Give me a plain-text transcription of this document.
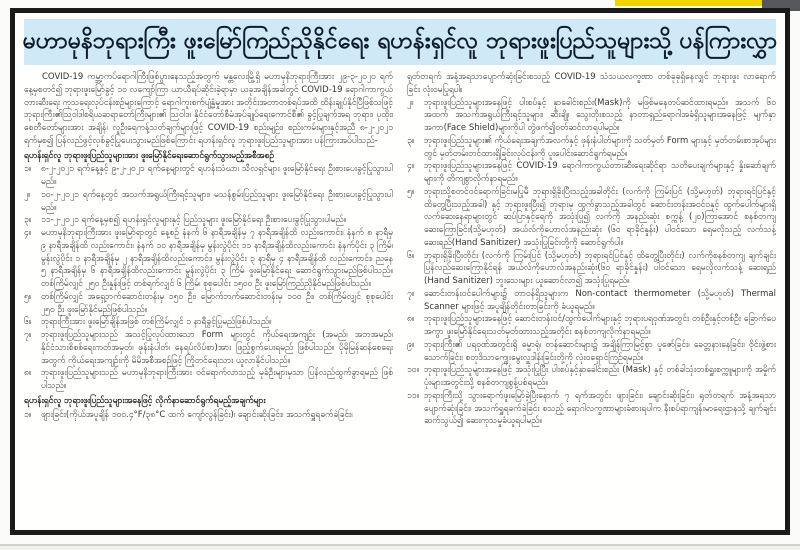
မဟာမုနိဘုရားကြီး ဖူးမြော်ကြည်ညိုနိုင်ရေး ရဟန်းရှင်လူ ဘုရားဖူးပြည်သူများသို့ ပန်ကြားလွှာ

COVID-19 ကမ္ဘာ့ကပ်ရောဂါကြီးဖြစ်ပွားနေသည့်အတွက် မန္တလေးမြို့ရှိ မဟာမုနိဘုရားကြီးအား ၂၉-၃-၂၀၂၀ ရက်နေ့မှစတင်၍ ဘုရားဖူးမြော်ခွင့် ၁၀ လကျော်ကြာ ယာယီရပ်ဆိုင်းခဲ့ရာမှာ ယခုအချိန်အခါတွင် COVID-19 ရောဂါကာကွယ်တားဆီးရေး ကုသရေးလုပ်ငန်းစဉ်များကြောင့် ရောဂါကူးစက်ပျံ့နှံ့မှုအား အတိုင်းအတာတစ်ရပ်အထိ ထိန်းချုပ်နိုင်ပြီဖြစ်သဖြင့် ဘုရားကြီး၏ဩဝါဒါစရိယဆရာတော်ကြီးများ၏ ဩဝါဒ၊ နိုင်ငံတော်စီမံအုပ်ချုပ်ရေးကောင်စီ၏ ခွင့်ပြုချက်အရ ဘုရား၊ ပုထိုး၊ စေတီတော်များအား အချိန်၊ လူဦးရေကန့်သတ်ချက်များဖြင့် COVID-19 စည်းမျဉ်း၊ စည်းကမ်းများနှင့်အညီ ၈-၂-၂၀၂၁ ရက်မှစ၍ ပြန်လည်ဖွင့်လှစ်ခွင့်ပြုပေးသွားမည်ဖြစ်ကြောင်း ရဟန်းရှင်လူ ဘုရားဖူးပြည်သူများအား ပန်ကြားအပ်ပါသည်-

ရဟန်းရှင်လူ ဘုရားဖူးပြည်သူများအား ဖူးမြော်နိုင်ရေးဆောင်ရွက်သွားမည့်အစီအစဉ်
၁။	၈-၂-၂၀၂၁ ရက်နေ့နှင့် ၉-၂-၂၀၂၁ ရက်နေ့များတွင် ရဟန်းသံဃာ၊ သီလရှင်များ ဖူးမြော်နိုင်ရေး ဦးစားပေးခွင့်ပြုသွားပါမည်။
၂။	၁၀-၂-၂၀၂၁ ရက်နေ့တွင် အသက်အရွယ်ကြီးရင့်သူများ၊ မသန်စွမ်းပြည်သူများ ဖူးမြော်နိုင်ရေး ဦးစားပေးခွင့်ပြုသွားပါမည်။
၃။	၁၁-၂-၂၀၂၁ ရက်နေ့မှစ၍ ရဟန်းရှင်လူများနှင့် ပြည်သူများ ဖူးမြော်နိုင်ရေး ဦးစားပေးခွင့်ပြုသွားပါမည်။
၄။	မဟာမုနိဘုရားကြီးအား ဖူးမြော်ရာတွင် နေ့စဉ် နံနက် ၆ နာရီအချိန်မှ ၇ နာရီအချိန်ထိ လည်းကောင်း၊ နံနက် ၈ နာရီမှ ၉ နာရီအချိန်ထိ လည်းကောင်း၊ နံနက် ၁၀ နာရီအချိန်မှ မွန်းလွဲပိုင်း ၁၁ နာရီအချိန်ထိလည်းကောင်း နံနက်ပိုင်း ၃ ကြိမ်၊ မွန်းလွဲပိုင်း ၁ နာရီအချိန်မှ ၂ နာရီအချိန်ထိလည်းကောင်း၊ မွန်းလွဲပိုင်း ၃ နာရီမှ ၄ နာရီအချိန်ထိ လည်းကောင်း၊ ညနေ ၅ နာရီအချိန်မှ ၆ နာရီအချိန်ထိလည်းကောင်း မွန်းလွဲပိုင်း ၃ ကြိမ် ဖူးမြော်နိုင်ရေး ဆောင်ရွက်သွားမည်ဖြစ်ပါသည်။ တစ်ကြိမ်လျှင် ၂၅၀ ဦးနှုန်းဖြင့် တစ်ရက်လျှင် ၆ ကြိမ်၊ စုစုပေါင်း ၁၅၀၀ ဦး ဖူးမြော်ကြည်ညိုနိုင်မည်ဖြစ်ပါသည်။
၅။	တစ်ကြိမ်လျှင် အရှေ့ဘက်ဆောင်းတန်းမှ ၁၅၀ ဦး၊ မြောက်ဘက်ဆောင်းတန်းမှ ၁၀၀ ဦး၊ တစ်ကြိမ်လျှင် စုစုပေါင်း ၂၅၀ ဦး ဖူးမြော်နိုင်မည်ဖြစ်ပါသည်။
၆။	ဘုရားကြီးအား ဖူးမြော်ချိန်အဖြစ် တစ်ကြိမ်လျှင် ၁ နာရီခွင့်ပြုမည်ဖြစ်ပါသည်။
၇။	ဘုရားဖူးပြည်သူများသည် အသင့်ပြုလုပ်ထားသော Form များတွင် ကိုယ်ရေးအကျဉ်း (အမည်၊ အဘအမည်၊ နိုင်ငံသားစိစစ်ရေးကတ်အမှတ်၊ ဖုန်းနံပါတ်၊ နေရပ်လိပ်စာ)အား ဖြည့်စွက်ပေးရမည် ဖြစ်ပါသည်။ ပိုမိုမြန်ဆန်စေရေးအတွက် ကိုယ်ရေးအကျဉ်းကို မိမိအစီအစဉ်ဖြင့် ကြိုတင်ရေးသား ယူလာနိုင်ပါသည်။
၈။	ဘုရားဖူးပြည်သူများသည် မဟာမုနိဘုရားကြီးအား ဝင်ရောက်လာသည့် မုခ်ဦးများမှသာ ပြန်လည်ထွက်ခွာရမည် ဖြစ်ပါသည်။
ရဟန်းရှင်လူ ဘုရားဖူးပြည်သူများအနေဖြင့် လိုက်နာဆောင်ရွက်ရမည့်အချက်များ
၁။	ဖျားခြင်း(ကိုယ်အပူချိန် ၁၀၀.၄°F/၃၈°C ထက် ကျော်လွန်ခြင်း)၊ ချောင်းဆိုးခြင်း၊ အသက်ရှူရခက်ခဲခြင်း၊

ရုတ်တရက် အနံ့အရသာပျောက်ဆုံးခြင်းစသည့် COVID-19 သံသယလက္ခဏာ တစ်ခုခုရှိနေလျှင် ဘုရားဖူး လာရောက်ခြင်း လုံးဝမပြုရပါ။

၂။	ဘုရားဖူးပြည်သူများအနေဖြင့် ပါးစပ်နှင့် နှာခေါင်းစည်း(Mask)ကို မဖြစ်မနေတပ်ဆင်ထားရမည်။ အသက် ၆၀ အထက် အသက်အရွယ်ကြီးရင့်သူများ၊ ဆီးချို၊ သွေးတိုးစသည့် နာတာရှည်ရောဂါအခံရှိသူများအနေဖြင့် မျက်နှာအကာ(Face Shield)များကိုပါ တွဲဖက်၍ဝတ်ဆင်လာရပါမည်။
၃။	ဘုရားဖူးပြည်သူများ၏ ကိုယ်ရေးအချက်အလက်နှင့် ဖုန်းနံပါတ်များကို သတ်မှတ် Form များနှင့် မှတ်တမ်းစာအုပ်များတွင် မှတ်တမ်းတင်ထားရှိခြင်းလုပ်ငန်းကို ပူးပေါင်းဆောင်ရွက်ရမည်။
၄။	ဘုရားဖူးပြည်သူများအနေဖြင့် COVID-19 ရောဂါကာကွယ်တားဆီးရေးဆိုင်ရာ သတိပေးချက်များနှင့် နှိုးဆော်ချက်များကို တိကျစွာလိုက်နာရမည်။
၅။	ဘုရားသို့စတင်ဝင်ရောက်ခြင်းမပြုမီ ဘုရားရှိခိုးပြီးသည့်အခါတိုင်း (လက်ကို ကြမ်းပြင် (သို့မဟုတ်) ဘုရားရင်ပြင်နှင့် ထိတွေ့ပြီးသည့်အခါ) နှင့် ဘုရားဖူးပြီး၍ ဘုရားမှ ထွက်ခွာသည့်အခါတွင် ဆောင်းတန်းအဝင်ဝနှင့် ထွက်ပေါက်များရှိ လက်ဆေးနေရာများတွင် ဆပ်ပြာနှင့်ရေကို အသုံးပြု၍ လက်ကို အနည်းဆုံး စက္ကန့် (၂၀)ကြာအောင် စနစ်တကျဆေးကြောခြင်း(သို့မဟုတ်) အယ်လ်ကိုဟောလ်အနည်းဆုံး (၆၀ ရာခိုင်နှုန်း) ပါဝင်သော ရေမလိုသည့် လက်သန့်ဆေးရည်(Hand Sanitizer) အသုံးပြုခြင်းတို့ကို ဆောင်ရွက်ပါ။
၆။	ဘုရားရှိခိုးပြီးတိုင်း (လက်ကို ကြမ်းပြင် (သို့မဟုတ်) ဘုရားရင်ပြင်နှင့် ထိတွေ့ပြီးတိုင်း) လက်ကိုစနစ်တကျ ချက်ချင်းပြန်လည်ဆေးကြောနိုင်ရန် အယ်လ်ကိုဟောလ်အနည်းဆုံး(၆၀ ရာခိုင်နှုန်း) ပါဝင်သော ရေမလိုလက်သန့် ဆေးရည် (Hand Sanitizer) ဘူးသေးများ ယူဆောင်လာ၍ အသုံးပြုရမည်။
၇။	ဆောင်းတန်းဝင်ပေါက်များ၌ တာဝန်ရှိသူများက Non-contact thermometer (သို့မဟုတ်) Thermal Scanner များဖြင့် အပူချိန်တိုင်းတာခြင်းကို ခံယူရမည်။
၈။	ဘုရားဖူးပြည်သူများအနေဖြင့် ဆောင်းတန်းဝင်/ထွက်ပေါက်များနှင့် ဘုရားပရဝုဏ်အတွင်း တစ်ဦးနှင့်တစ်ဦး ခြောက်ပေအကွာ ဖူးမြော်နိုင်ရေးသတ်မှတ်ထားသည့်အတိုင်း စနစ်တကျလိုက်နာရမည်။
၉။	ဘုရားကြီး၏ ပရဝုဏ်အတွင်းရှိ ဓမ္မာရုံ၊ တန်ဆောင်းများ၌ အချိန်ကြာမြင့်စွာ ပူဇော်ခြင်း၊ ခေတ္တနားနေခြင်း၊ ဝိုင်းဖွဲ့စားသောက်ခြင်း၊ စတုဒိသာကျွေးမွေးလှူဒါန်းခြင်းတို့ကို လုံးဝရှောင်ကြဉ်ရမည်။
၁၀။ ဘုရားဖူးပြည်သူများအနေဖြင့် အသုံးပြုပြီး ပါးစပ်နှင့်နှာခေါင်းစည်း (Mask) နှင့် တစ်ခါသုံးတစ်ရှူးစက္ကူများကို အမှိုက်ပုံးများအတွင်းသို့ စနစ်တကျစွန့်ပစ်ရမည်။
၁၁။ ဘုရားကြီးသို့ သွားရောက်ဖူးမြော်ခဲ့ပြီးနောက် ၇ ရက်အတွင်း ဖျားခြင်း၊ ချောင်းဆိုးခြင်း၊ ရုတ်တရက် အနံ့အရသာ ပျောက်ဆုံးခြင်း၊ အသက်ရှူရခက်ခဲခြင်း စသည့် ရောဂါလက္ခဏာများခံစားရပါက နီးစပ်ရာကျန်းမာရေးဌာနသို့ ချက်ချင်းဆက်သွယ်၍ ဆေးကုသမှုခံယူရပါမည်။
